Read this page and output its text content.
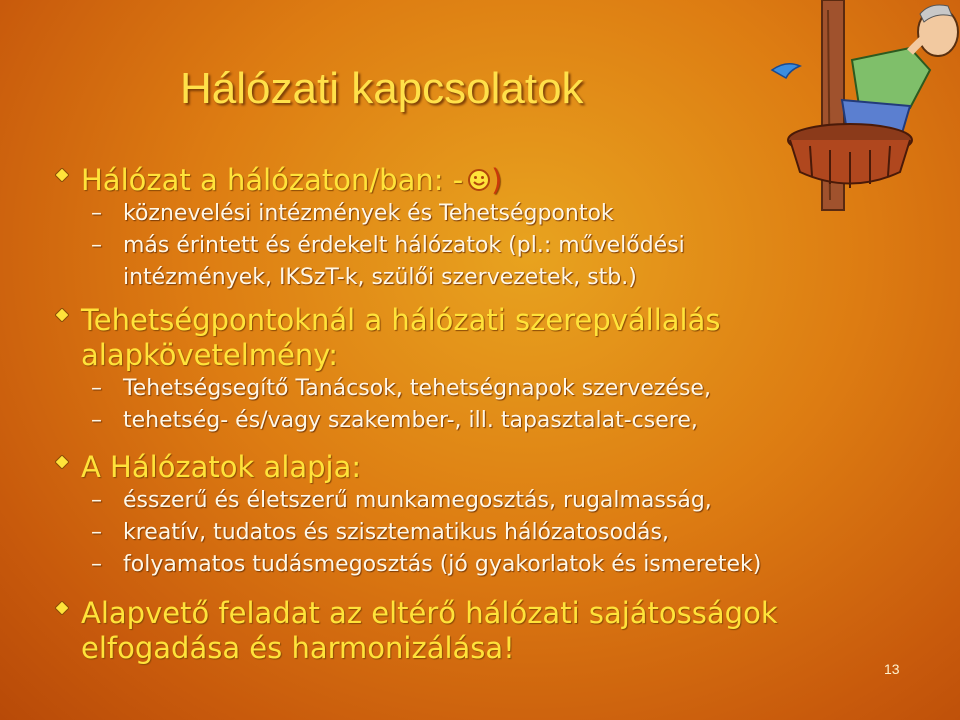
Hálózati kapcsolatok
Hálózat a hálózaton/ban: - )
– köznevelési intézmények és Tehetségpontok
– más érintett és érdekelt hálózatok (pl.: művelődési
intézmények, IKSzT-k, szülői szervezetek, stb.)
Tehetségpontoknál a hálózati szerepvállalás
alapkövetelmény:
– Tehetségsegítő Tanácsok, tehetségnapok szervezése,
– tehetség- és/vagy szakember-, ill. tapasztalat-csere,
A Hálózatok alapja:
– ésszerű és életszerű munkamegosztás, rugalmasság,
– kreatív, tudatos és szisztematikus hálózatosodás,
– folyamatos tudásmegosztás (jó gyakorlatok és ismeretek)
Alapvető feladat az eltérő hálózati sajátosságok
elfogadása és harmonizálása!
13
